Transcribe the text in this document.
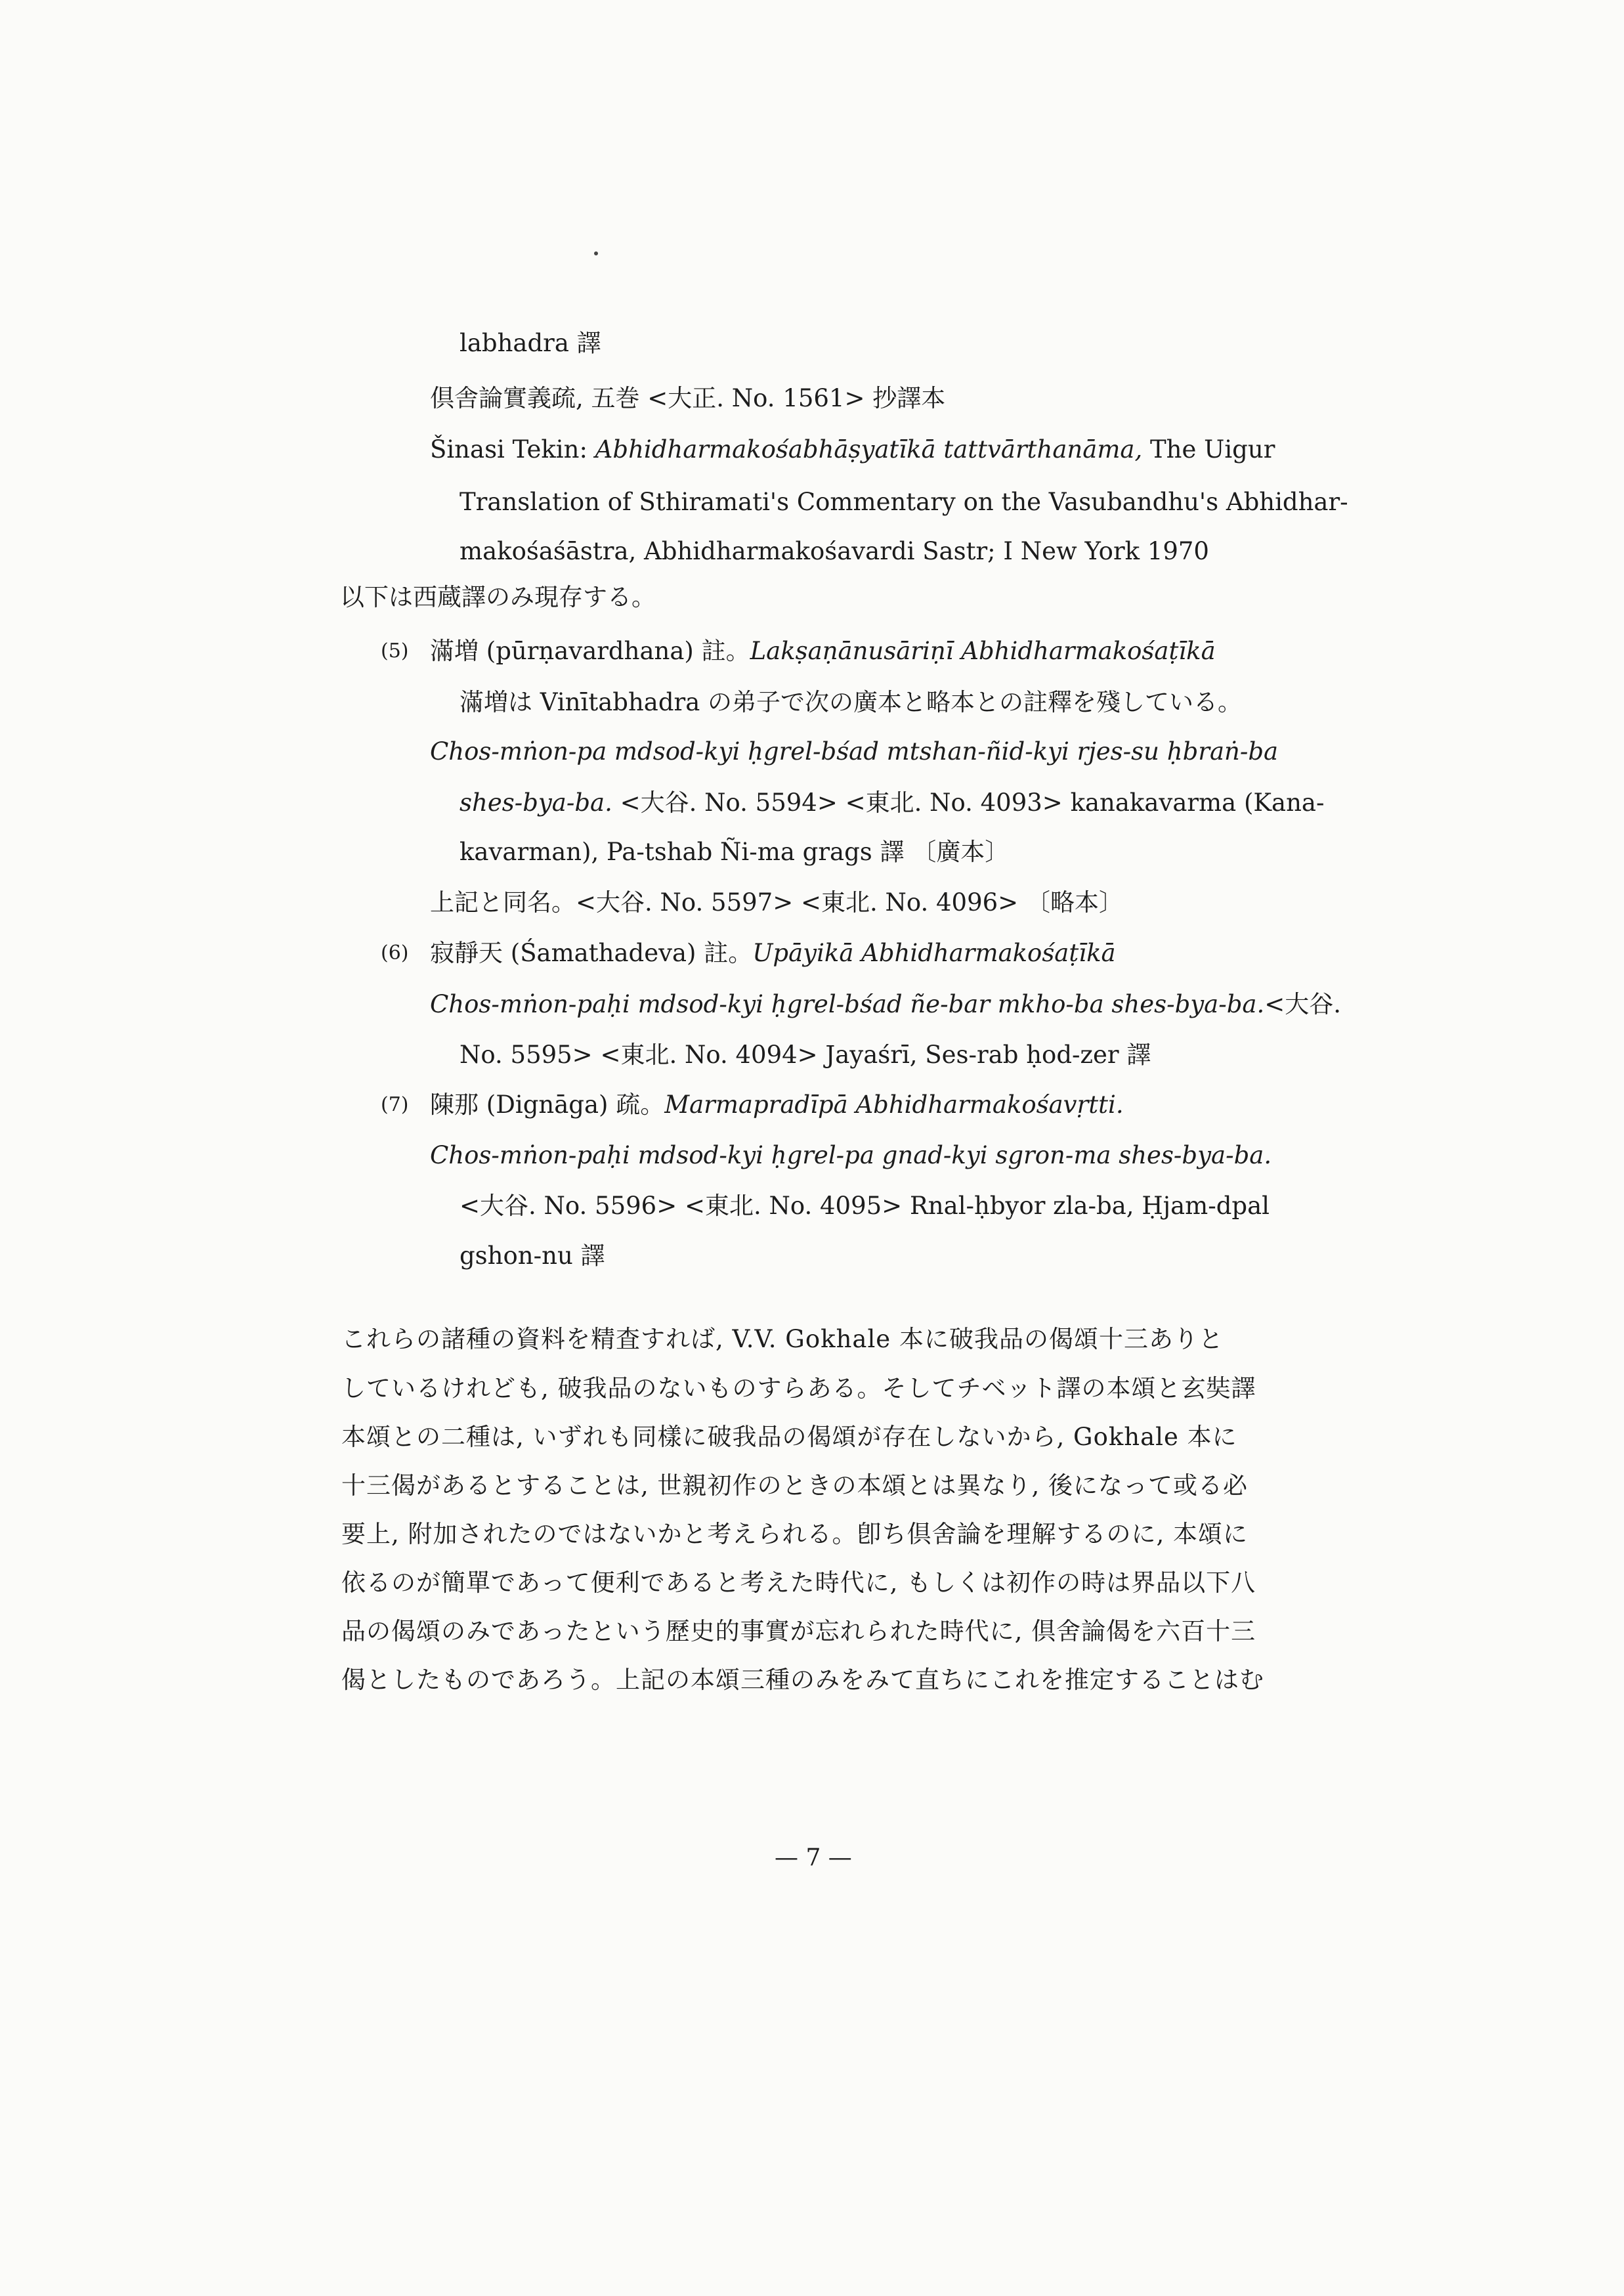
labhadra 譯
倶舎論實義疏, 五巻 <大正. No. 1561> 抄譯本
Šinasi Tekin: Abhidharmakośabhāṣyatīkā tattvārthanāma, The Uigur
Translation of Sthiramati's Commentary on the Vasubandhu's Abhidhar-
makośaśāstra, Abhidharmakośavardi Sastr; I New York 1970
以下は西蔵譯のみ現存する。
(5) 滿増 (pūrṇavardhana) 註。Lakṣaṇānusāriṇī Abhidharmakośaṭīkā
滿増は Vinītabhadra の弟子で次の廣本と略本との註釋を殘している。
Chos-mṅon-pa mdsod-kyi ḥgrel-bśad mtshan-ñid-kyi rjes-su ḥbraṅ-ba
shes-bya-ba. <大谷. No. 5594> <東北. No. 4093> kanakavarma (Kana-
kavarman), Pa-tshab Ñi-ma grags 譯 〔廣本〕
上記と同名。<大谷. No. 5597> <東北. No. 4096> 〔略本〕
(6) 寂靜天 (Śamathadeva) 註。Upāyikā Abhidharmakośaṭīkā
Chos-mṅon-paḥi mdsod-kyi ḥgrel-bśad ñe-bar mkho-ba shes-bya-ba.<大谷.
No. 5595> <東北. No. 4094> Jayaśrī, Ses-rab ḥod-zer 譯
(7) 陳那 (Dignāga) 疏。Marmapradīpā Abhidharmakośavṛtti.
Chos-mṅon-paḥi mdsod-kyi ḥgrel-pa gnad-kyi sgron-ma shes-bya-ba.
<大谷. No. 5596> <東北. No. 4095> Rnal-ḥbyor zla-ba, Ḥjam-dpal
gshon-nu 譯
これらの諸種の資料を精査すれば, V.V. Gokhale 本に破我品の偈頌十三ありと
しているけれども, 破我品のないものすらある。そしてチベット譯の本頌と玄奘譯
本頌との二種は, いずれも同樣に破我品の偈頌が存在しないから, Gokhale 本に
十三偈があるとすることは, 世親初作のときの本頌とは異なり, 後になって或る必
要上, 附加されたのではないかと考えられる。卽ち倶舍論を理解するのに, 本頌に
依るのが簡單であって便利であると考えた時代に, もしくは初作の時は界品以下八
品の偈頌のみであったという歷史的事實が忘れられた時代に, 倶舍論偈を六百十三
偈としたものであろう。上記の本頌三種のみをみて直ちにこれを推定することはむ
— 7 —
